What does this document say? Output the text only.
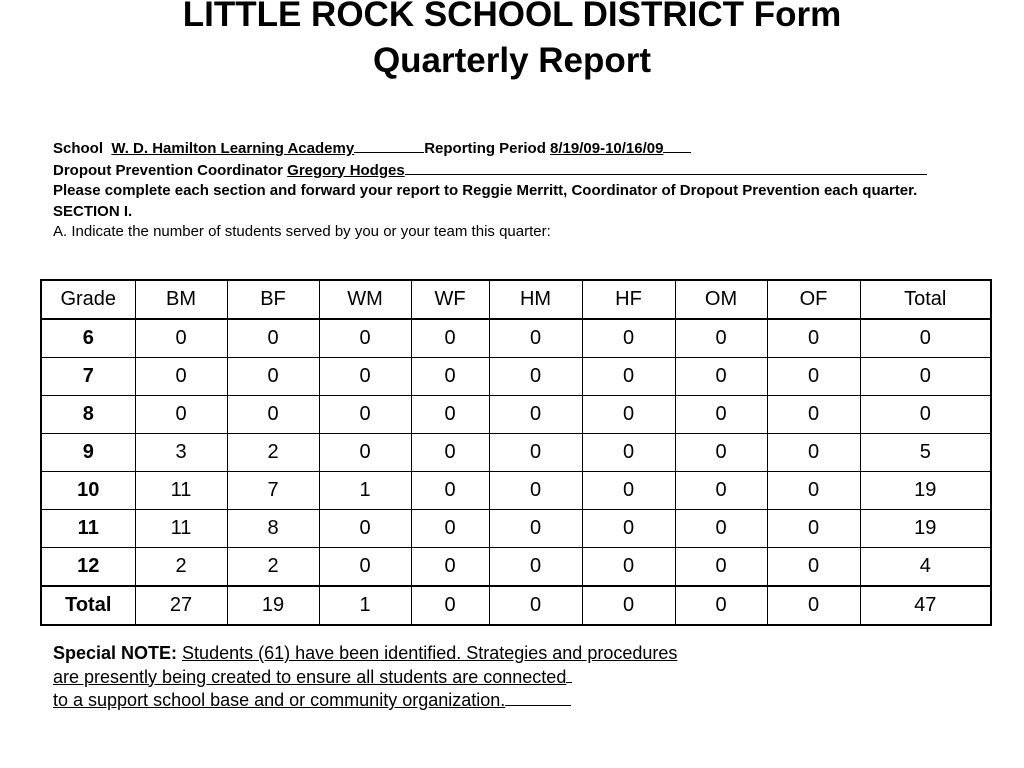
LITTLE ROCK SCHOOL DISTRICT Form
Quarterly Report
School W. D. Hamilton Learning Academy	Reporting Period 8/19/09-10/16/09
Dropout Prevention Coordinator Gregory Hodges
Please complete each section and forward your report to Reggie Merritt, Coordinator of Dropout Prevention each quarter.
SECTION I.
A. Indicate the number of students served by you or your team this quarter:
Grade	BM	BF	WM	WF	HM	HF	OM	OF	Total
6	0	0	0	0	0	0	0	0	0
7	0	0	0	0	0	0	0	0	0
8	0	0	0	0	0	0	0	0	0
9	3	2	0	0	0	0	0	0	5
10	11	7	1	0	0	0	0	0	19
11	11	8	0	0	0	0	0	0	19
12	2	2	0	0	0	0	0	0	4
Total	27	19	1	0	0	0	0	0	47
Special NOTE: Students (61) have been identified. Strategies and procedures
are presently being created to ensure all students are connected
to a support school base and or community organization.
